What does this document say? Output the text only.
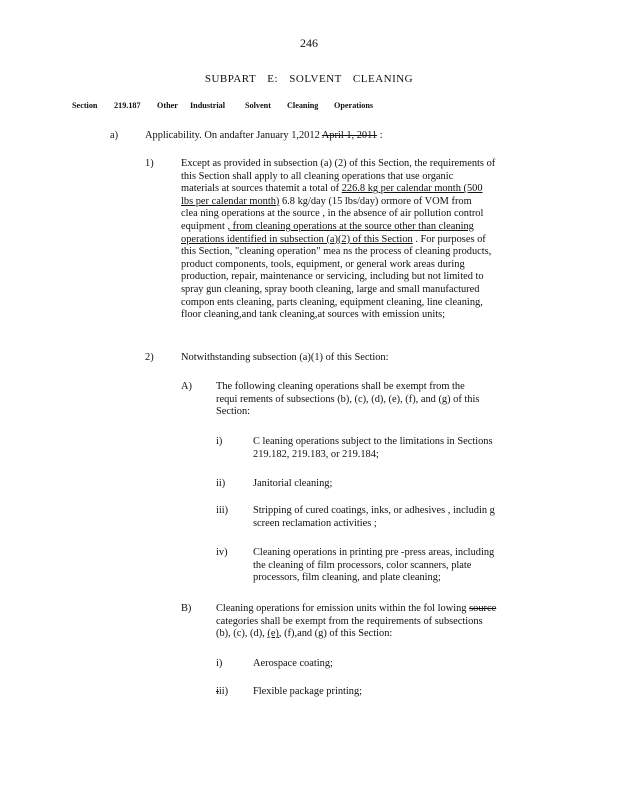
246
SUBPART E: SOLVENT CLEANING
Section 219.187 Other Industrial Solvent Cleaning Operations
a)	Applicability. On andafter January 1,2012 April 1, 2011 :
1)	Except as provided in subsection (a) (2) of this Section, the requirements of
this Section shall apply to all cleaning operations that use organic
materials at sources thatemit a total of 226.8 kg per calendar month (500
lbs per calendar month) 6.8 kg/day (15 lbs/day) ormore of VOM from
clea ning operations at the source , in the absence of air pollution control
equipment , from cleaning operations at the source other than cleaning
operations identified in subsection (a)(2) of this Section . For purposes of
this Section, "cleaning operation" mea ns the process of cleaning products,
product components, tools, equipment, or general work areas during
production, repair, maintenance or servicing, including but not limited to
spray gun cleaning, spray booth cleaning, large and small manufactured
compon ents cleaning, parts cleaning, equipment cleaning, line cleaning,
floor cleaning,and tank cleaning,at sources with emission units;
2)	Notwithstanding subsection (a)(1) of this Section:
A) The following cleaning operations shall be exempt from the
requi rements of subsections (b), (c), (d), (e), (f), and (g) of this
Section:
i)	C leaning operations subject to the limitations in Sections
219.182, 219.183, or 219.184;
ii)	Janitorial cleaning;
iii) Stripping of cured coatings, inks, or adhesives , includin g
screen reclamation activities ;
iv) Cleaning operations in printing pre -press areas, including
the cleaning of film processors, color scanners, plate
processors, film cleaning, and plate cleaning;
B) Cleaning operations for emission units within the fol lowing source
categories shall be exempt from the requirements of subsections
(b), (c), (d), (e), (f),and (g) of this Section:
i)	Aerospace coating;
iii) Flexible package printing;
